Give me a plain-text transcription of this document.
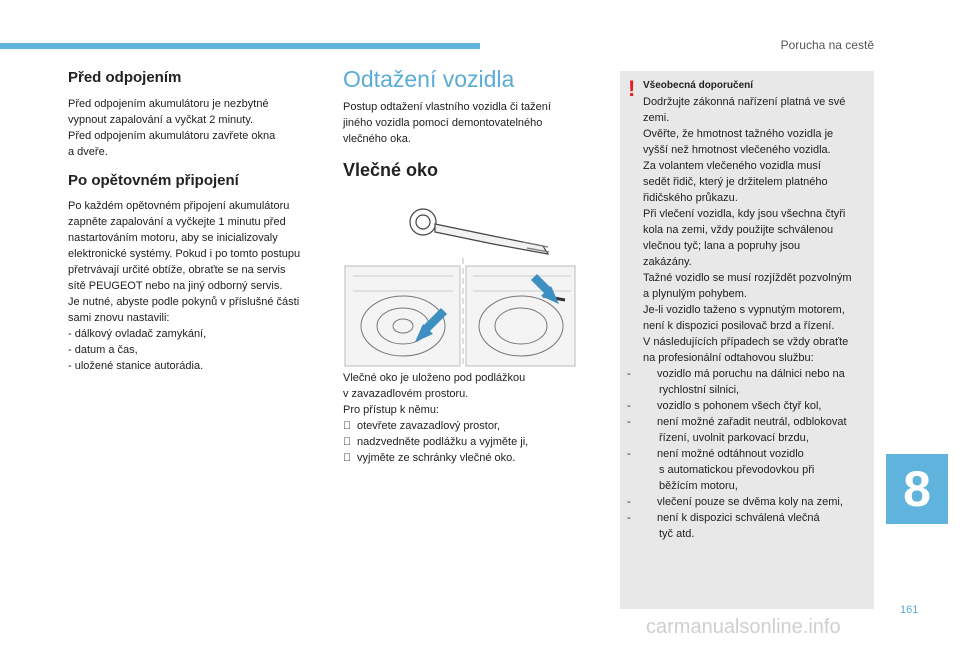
Porucha na cestě
Před odpojením
Před odpojením akumulátoru je nezbytné
vypnout zapalování a vyčkat 2 minuty.
Před odpojením akumulátoru zavřete okna
a dveře.
Po opětovném připojení
Po každém opětovném připojení akumulátoru
zapněte zapalování a vyčkejte 1 minutu před
nastartováním motoru, aby se inicializovaly
elektronické systémy. Pokud i po tomto postupu
přetrvávají určité obtíže, obraťte se na servis
sítě PEUGEOT nebo na jiný odborný servis.
Je nutné, abyste podle pokynů v příslušné části
sami znovu nastavili:
- dálkový ovladač zamykání,
- datum a čas,
- uložené stanice autorádia.
Odtažení vozidla
Postup odtažení vlastního vozidla či tažení
jiného vozidla pomocí demontovatelného
vlečného oka.
Vlečné oko
Vlečné oko je uloženo pod podlážkou
v zavazadlovém prostoru.
Pro přístup k němu:
otevřete zavazadlový prostor,
nadzvedněte podlážku a vyjměte ji,
vyjměte ze schránky vlečné oko.
! Všeobecná doporučení
Dodržujte zákonná nařízení platná ve své
zemi.
Ověřte, že hmotnost tažného vozidla je
vyšší než hmotnost vlečeného vozidla.
Za volantem vlečeného vozidla musí
sedět řidič, který je držitelem platného
řidičského průkazu.
Při vlečení vozidla, kdy jsou všechna čtyři
kola na zemi, vždy použijte schválenou
vlečnou tyč; lana a popruhy jsou
zakázány.
Tažné vozidlo se musí rozjíždět pozvolným
a plynulým pohybem.
Je-li vozidlo taženo s vypnutým motorem,
není k dispozici posilovač brzd a řízení.
V následujících případech se vždy obraťte
na profesionální odtahovou službu:
- vozidlo má poruchu na dálnici nebo na
rychlostní silnici,
- vozidlo s pohonem všech čtyř kol,
- není možné zařadit neutrál, odblokovat
řízení, uvolnit parkovací brzdu,
- není možné odtáhnout vozidlo
s automatickou převodovkou při
běžícím motoru,
- vlečení pouze se dvěma koly na zemi,
- není k dispozici schválená vlečná
tyč atd.
8
161
carmanualsonline.info
